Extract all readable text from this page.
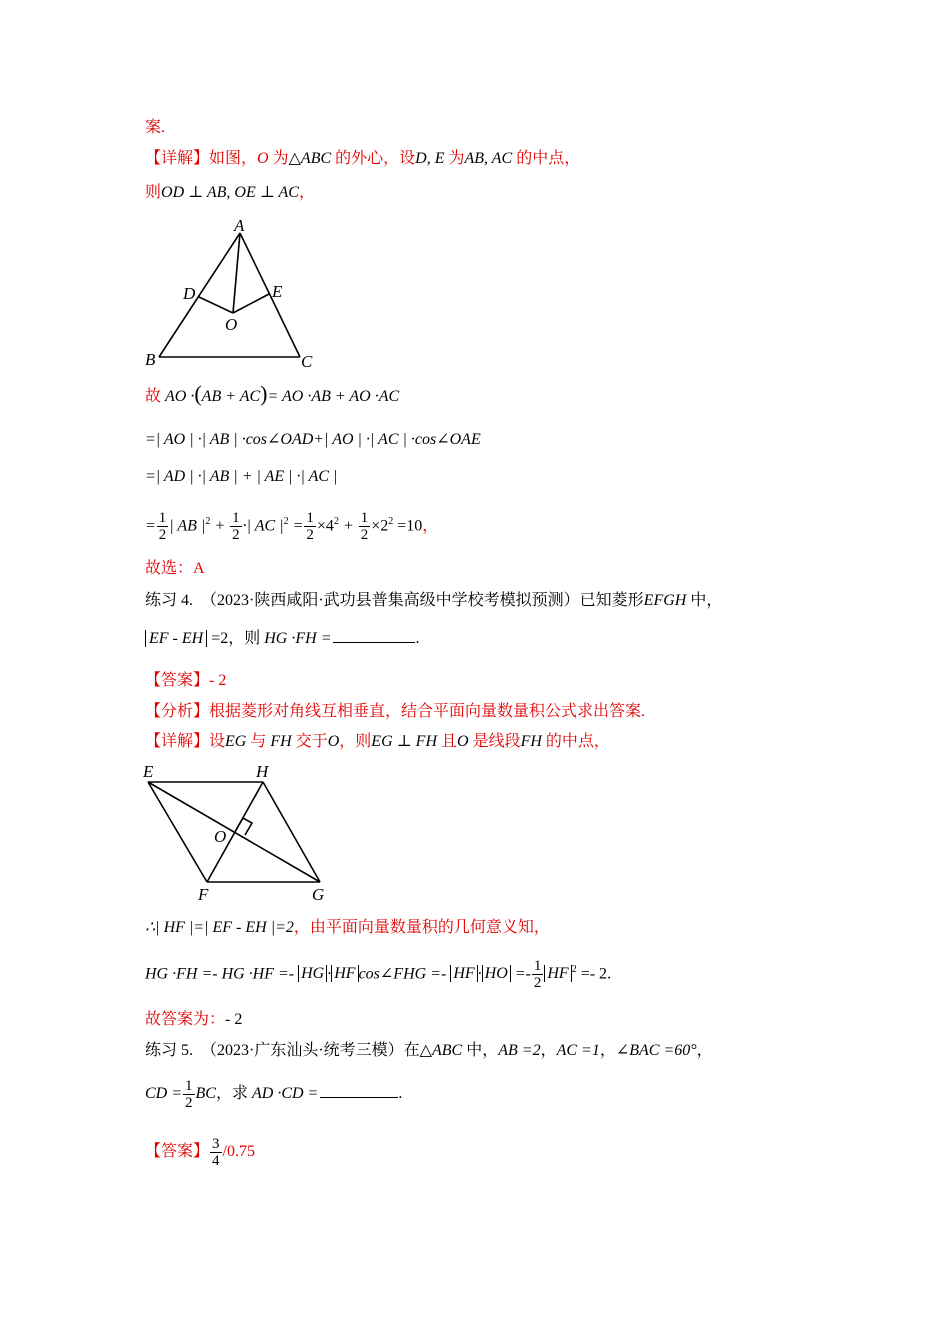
案.
【详解】如图，O 为△ABC 的外心，设D, E 为AB, AC 的中点，
则OD ⊥ AB, OE ⊥ AC，
A
D	E
O
B	C
故 AO ·(AB + AC)= AO ·AB + AO ·AC
=| AO | ·| AB | ·cos∠OAD+| AO | ·| AC | ·cos∠OAE
=| AD | ·| AB | + | AE | ·| AC |
= $\frac{1}{2}$ | AB $|^2 + \frac{1}{2}$ ·| AC $|^2 = \frac{1}{2} \times 4^2 + \frac{1}{2} \times 2^2 =10$，
故选：A
练习 4.　（2023·陕西咸阳·武功县普集高级中学校考模拟预测）已知菱形EFGH 中，
EF - EH =2，则 HG ·FH =	.
【答案】- 2
【分析】根据菱形对角线互相垂直，结合平面向量数量积公式求出答案.
【详解】设EG 与 FH 交于O，则EG ⊥ FH 且O 是线段FH 的中点，
E	H
O
F	G
∴| HF |=| EF - EH |=2，由平面向量数量积的几何意义知，
HG ·FH =- HG ·HF =- HG · HF cos∠FHG =- HF · HO =- $\frac{1}{2}$ HF $^2$ =- 2.
故答案为：- 2
练习 5.　（2023·广东汕头·统考三模）在△ABC 中，AB =2，AC =1，∠BAC =60°，
CD = $\frac{1}{2}$ BC，求 AD ·CD =	.
【答案】 $\frac{3}{4} /0.75$
